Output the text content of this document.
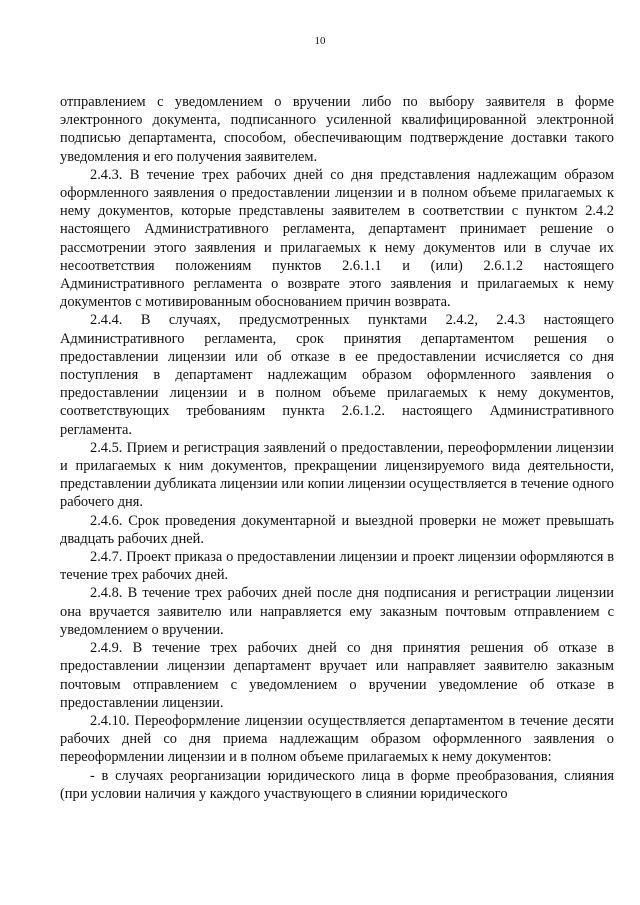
10

отправлением с уведомлением о вручении либо по выбору заявителя в форме электронного документа, подписанного усиленной квалифицированной электронной подписью департамента, способом, обеспечивающим подтверждение доставки такого уведомления и его получения заявителем.

2.4.3. В течение трех рабочих дней со дня представления надлежащим образом оформленного заявления о предоставлении лицензии и в полном объеме прилагаемых к нему документов, которые представлены заявителем в соответствии с пунктом 2.4.2 настоящего Административного регламента, департамент принимает решение о рассмотрении этого заявления и прилагаемых к нему документов или в случае их несоответствия положениям пунктов 2.6.1.1 и (или) 2.6.1.2 настоящего Административного регламента о возврате этого заявления и прилагаемых к нему документов с мотивированным обоснованием причин возврата.

2.4.4. В случаях, предусмотренных пунктами 2.4.2, 2.4.3 настоящего Административного регламента, срок принятия департаментом решения о предоставлении лицензии или об отказе в ее предоставлении исчисляется со дня поступления в департамент надлежащим образом оформленного заявления о предоставлении лицензии и в полном объеме прилагаемых к нему документов, соответствующих требованиям пункта 2.6.1.2. настоящего Административного регламента.

2.4.5. Прием и регистрация заявлений о предоставлении, переоформлении лицензии и прилагаемых к ним документов, прекращении лицензируемого вида деятельности, представлении дубликата лицензии или копии лицензии осуществляется в течение одного рабочего дня.

2.4.6. Срок проведения документарной и выездной проверки не может превышать двадцать рабочих дней.

2.4.7. Проект приказа о предоставлении лицензии и проект лицензии оформляются в течение трех рабочих дней.

2.4.8. В течение трех рабочих дней после дня подписания и регистрации лицензии она вручается заявителю или направляется ему заказным почтовым отправлением с уведомлением о вручении.

2.4.9. В течение трех рабочих дней со дня принятия решения об отказе в предоставлении лицензии департамент вручает или направляет заявителю заказным почтовым отправлением с уведомлением о вручении уведомление об отказе в предоставлении лицензии.

2.4.10. Переоформление лицензии осуществляется департаментом в течение десяти рабочих дней со дня приема надлежащим образом оформленного заявления о переоформлении лицензии и в полном объеме прилагаемых к нему документов:

- в случаях реорганизации юридического лица в форме преобразования, слияния (при условии наличия у каждого участвующего в слиянии юридического
